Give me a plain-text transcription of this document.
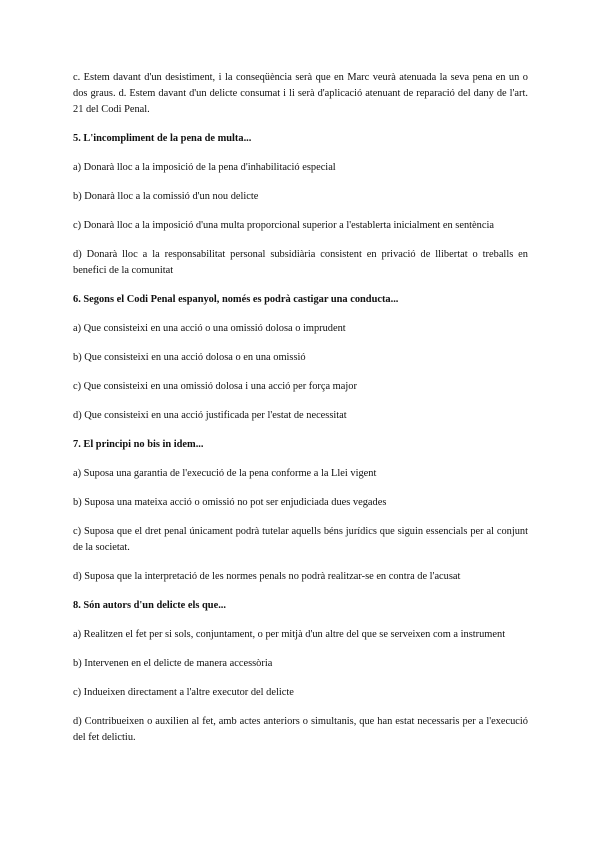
c. Estem davant d'un desistiment, i la conseqüència serà que en Marc veurà atenuada la seva pena en un o dos graus. d. Estem davant d'un delicte consumat i li serà d'aplicació atenuant de reparació del dany de l'art. 21 del Codi Penal.

5. L'incompliment de la pena de multa...

a) Donarà lloc a la imposició de la pena d'inhabilitació especial

b) Donarà lloc a la comissió d'un nou delicte

c) Donarà lloc a la imposició d'una multa proporcional superior a l'establerta inicialment en sentència

d) Donarà lloc a la responsabilitat personal subsidiària consistent en privació de llibertat o treballs en benefici de la comunitat

6. Segons el Codi Penal espanyol, només es podrà castigar una conducta...

a) Que consisteixi en una acció o una omissió dolosa o imprudent

b) Que consisteixi en una acció dolosa o en una omissió

c) Que consisteixi en una omissió dolosa i una acció per força major

d) Que consisteixi en una acció justificada per l'estat de necessitat

7. El principi no bis in idem...

a) Suposa una garantia de l'execució de la pena conforme a la Llei vigent

b) Suposa una mateixa acció o omissió no pot ser enjudiciada dues vegades

c) Suposa que el dret penal únicament podrà tutelar aquells béns jurídics que siguin essencials per al conjunt de la societat.

d) Suposa que la interpretació de les normes penals no podrà realitzar-se en contra de l'acusat

8. Són autors d'un delicte els que...

a) Realitzen el fet per si sols, conjuntament, o per mitjà d'un altre del que se serveixen com a instrument

b) Intervenen en el delicte de manera accessòria

c) Indueixen directament a l'altre executor del delicte

d) Contribueixen o auxilien al fet, amb actes anteriors o simultanis, que han estat necessaris per a l'execució del fet delictiu.
